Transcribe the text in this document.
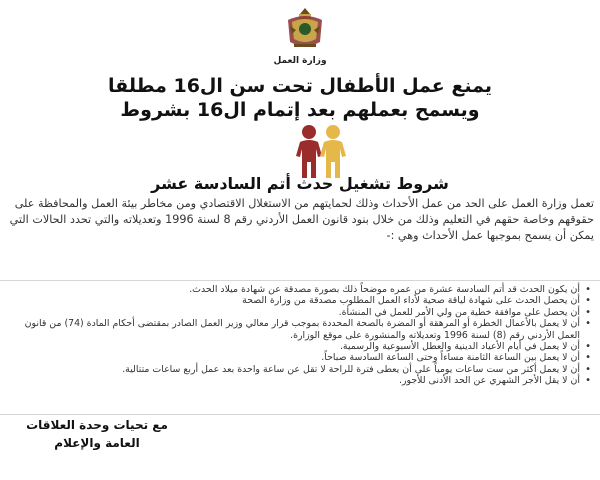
وزارة العمل
يمنع عمل الأطفال تحت سن ال16 مطلقا
ويسمح بعملهم بعد إتمام ال16 بشروط
شروط تشغيل حدث أتم السادسة عشر
تعمل وزارة العمل على الحد من عمل الأحداث وذلك لحمايتهم من الاستغلال الاقتصادي ومن مخاطر بيئة العمل والمحافظة على حقوقهم وخاصة حقهم في التعليم وذلك من خلال بنود قانون العمل الأردني رقم 8 لسنة 1996 وتعديلاته والتي تحدد الحالات التي يمكن أن يسمح بموجبها عمل الأحداث وهي :-
• أن يكون الحدث قد أتم السادسة عشرة من عمره موضحاً ذلك بصورة مصدقة عن شهادة ميلاد الحدث.
• أن يحصل الحدث على شهادة لياقة صحية لأداء العمل المطلوب مصدقة من وزارة الصحة
• أن يحصل على موافقة خطية من ولي الأمر للعمل في المنشأة.
• أن لا يعمل بالأعمال الخطرة أو المرهقة أو المضرة بالصحة المحددة بموجب قرار معالي وزير العمل الصادر بمقتضى أحكام المادة (74) من قانون العمل الأردني رقم (8) لسنة 1996 وتعديلاته والمنشورة على موقع الوزارة.
• أن لا يعمل في أيام الأعياد الدينية والعطل الأسبوعية والرسمية.
• أن لا يعمل بين الساعة الثامنة مساءاً وحتى الساعة السادسة صباحاً.
• أن لا يعمل أكثر من ست ساعات يومياً على أن يعطى فترة للراحة لا تقل عن ساعة واحدة بعد عمل أربع ساعات متتالية.
• أن لا يقل الأجر الشهري عن الحد الأدنى للأجور.
مع تحيات وحدة العلاقات
العامة والإعلام
